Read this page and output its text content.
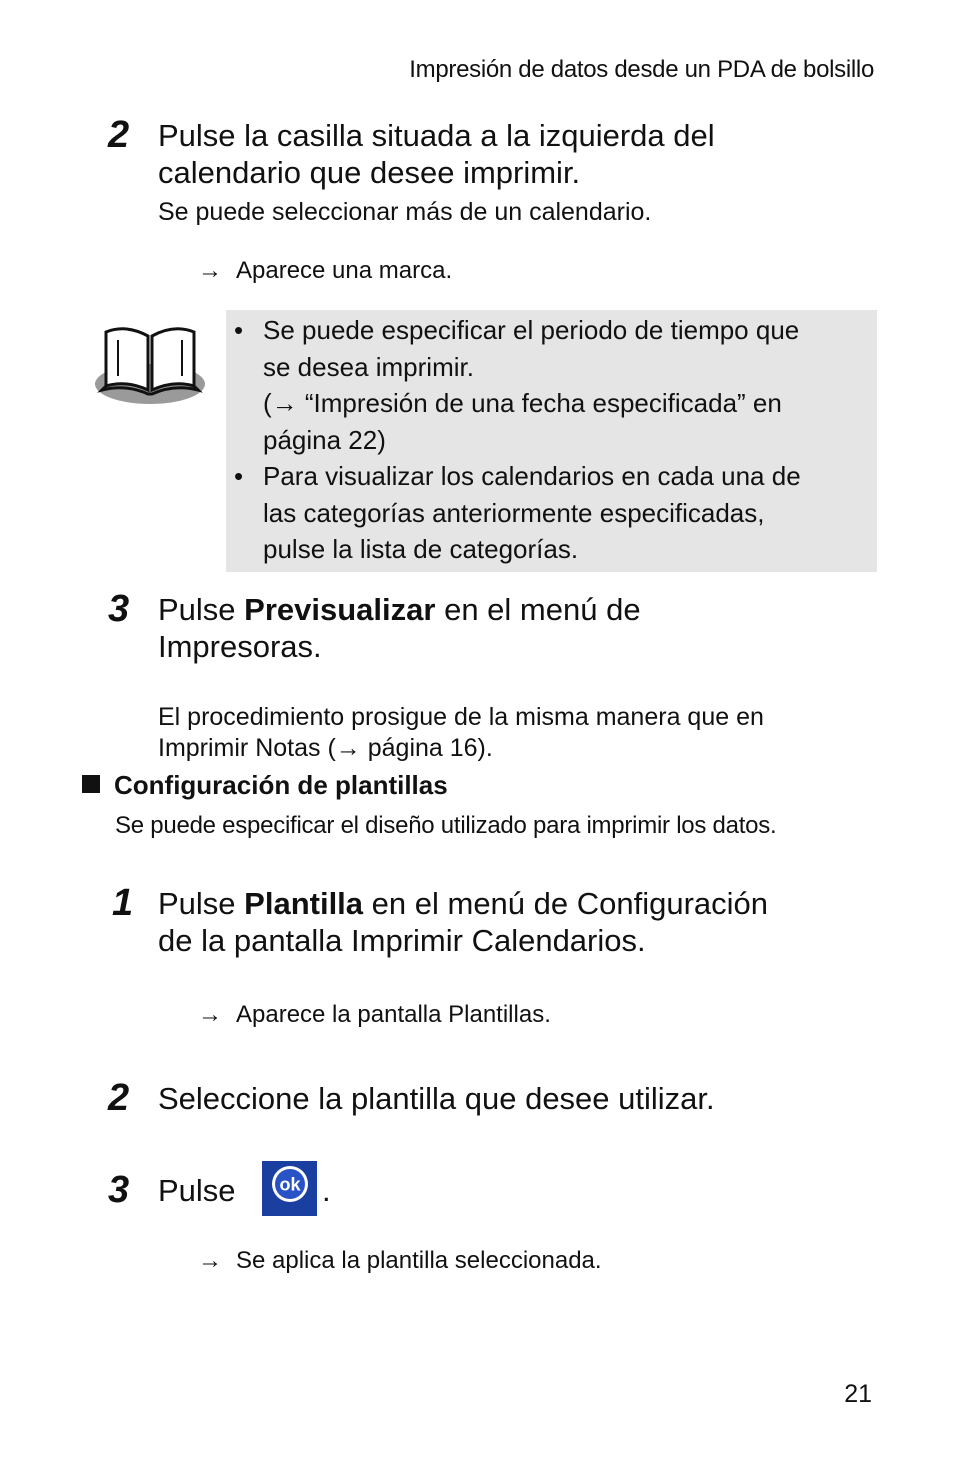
Impresión de datos desde un PDA de bolsillo
2 Pulse la casilla situada a la izquierda del
calendario que desee imprimir.
Se puede seleccionar más de un calendario.
→ Aparece una marca.
• Se puede especificar el periodo de tiempo que
se desea imprimir.
(→ “Impresión de una fecha especificada” en
página 22)
• Para visualizar los calendarios en cada una de
las categorías anteriormente especificadas,
pulse la lista de categorías.
3 Pulse Previsualizar en el menú de
Impresoras.
El procedimiento prosigue de la misma manera que en
Imprimir Notas (→ página 16).
Configuración de plantillas
Se puede especificar el diseño utilizado para imprimir los datos.
1 Pulse Plantilla en el menú de Configuración
de la pantalla Imprimir Calendarios.
→ Aparece la pantalla Plantillas.
2 Seleccione la plantilla que desee utilizar.
3 Pulse ok .
→ Se aplica la plantilla seleccionada.
21
